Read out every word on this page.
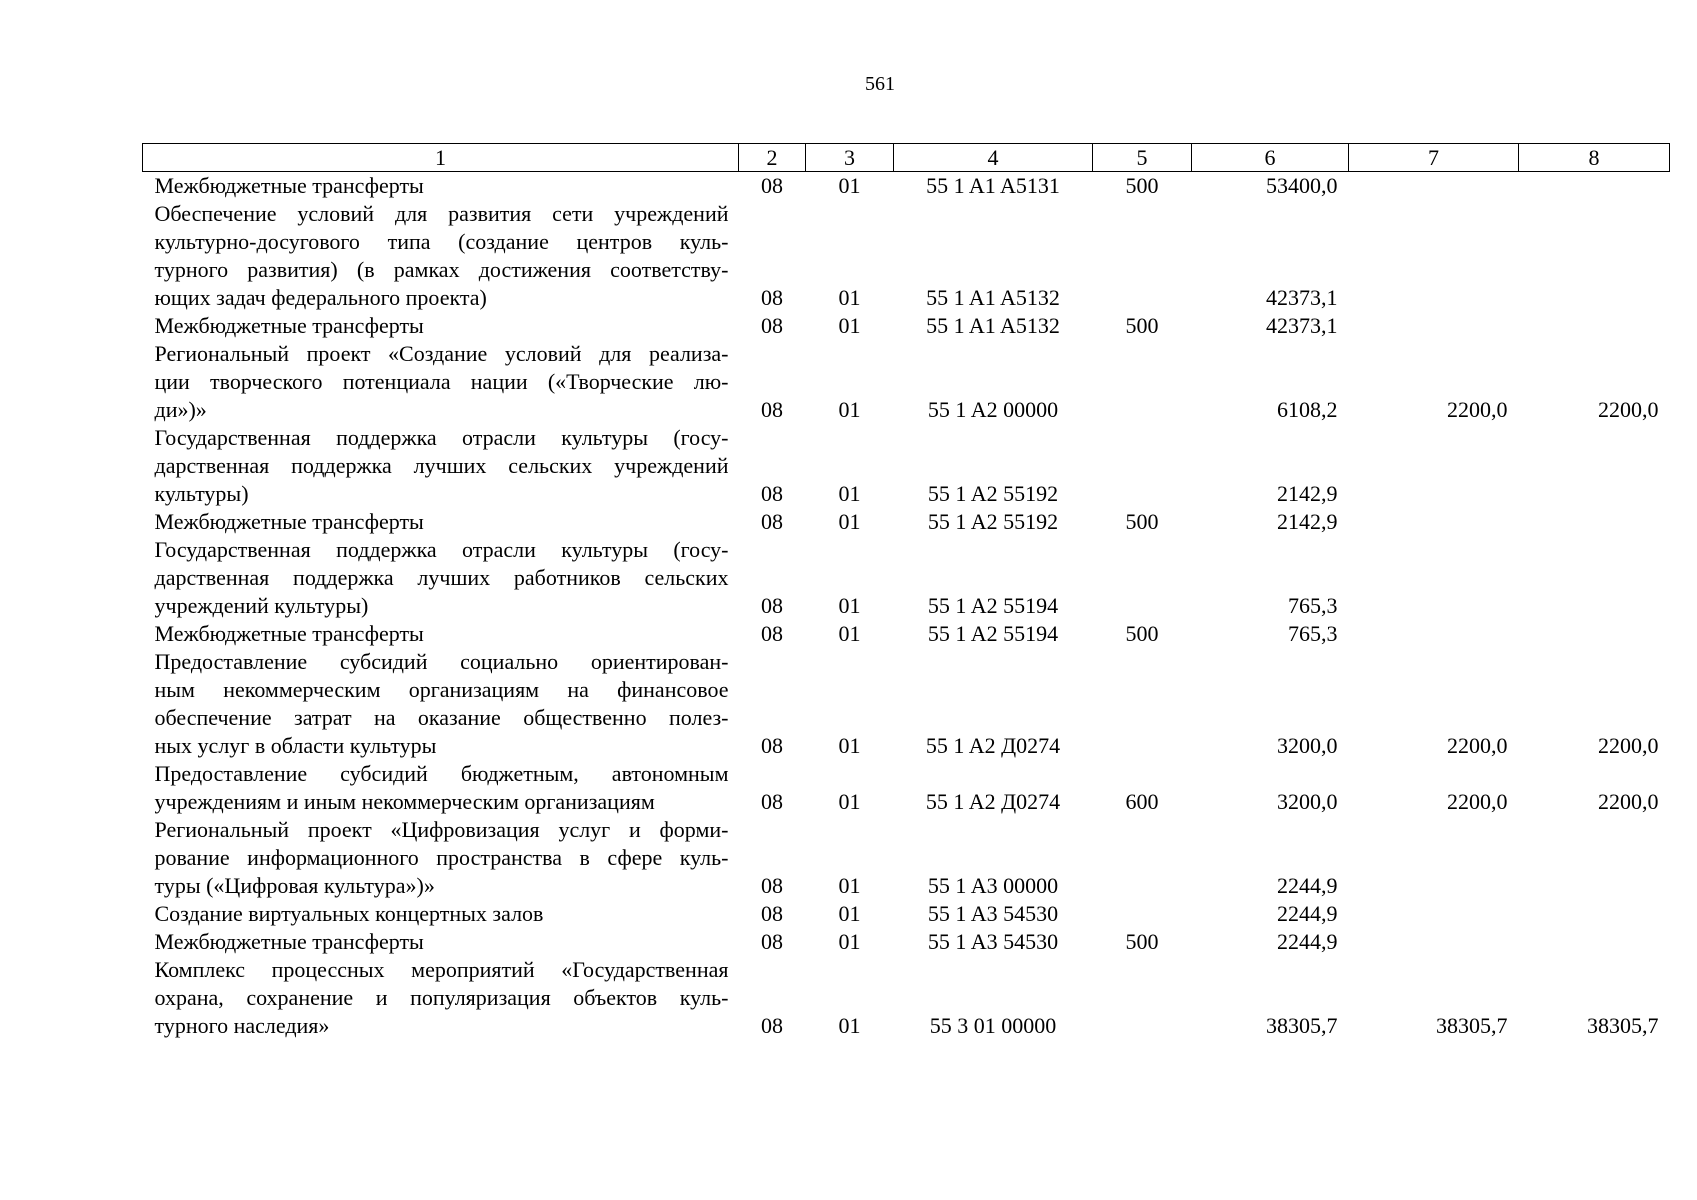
561
1	2	3	4	5	6	7	8

Межбюджетные трансферты	08	01	55 1 A1 A5131	500	53400,0		

Обеспечение условий для развития сети учреждений
культурно-досугового типа (создание центров куль-
турного развития) (в рамках достижения соответству-
ющих задач федерального проекта)	08	01	55 1 A1 A5132		42373,1		

Межбюджетные трансферты	08	01	55 1 A1 A5132	500	42373,1		

Региональный проект «Создание условий для реализа-
ции творческого потенциала нации («Творческие лю-
ди»)»	08	01	55 1 A2 00000		6108,2	2200,0	2200,0

Государственная поддержка отрасли культуры (госу-
дарственная поддержка лучших сельских учреждений
культуры)	08	01	55 1 A2 55192		2142,9		

Межбюджетные трансферты	08	01	55 1 A2 55192	500	2142,9		

Государственная поддержка отрасли культуры (госу-
дарственная поддержка лучших работников сельских
учреждений культуры)	08	01	55 1 A2 55194		765,3		

Межбюджетные трансферты	08	01	55 1 A2 55194	500	765,3		

Предоставление субсидий социально ориентирован-
ным некоммерческим организациям на финансовое
обеспечение затрат на оказание общественно полез-
ных услуг в области культуры	08	01	55 1 A2 Д0274		3200,0	2200,0	2200,0

Предоставление субсидий бюджетным, автономным
учреждениям и иным некоммерческим организациям	08	01	55 1 A2 Д0274	600	3200,0	2200,0	2200,0

Региональный проект «Цифровизация услуг и форми-
рование информационного пространства в сфере куль-
туры («Цифровая культура»)»	08	01	55 1 A3 00000		2244,9		

Создание виртуальных концертных залов	08	01	55 1 A3 54530		2244,9		

Межбюджетные трансферты	08	01	55 1 A3 54530	500	2244,9		

Комплекс процессных мероприятий «Государственная
охрана, сохранение и популяризация объектов куль-
турного наследия»	08	01	55 3 01 00000		38305,7	38305,7	38305,7
